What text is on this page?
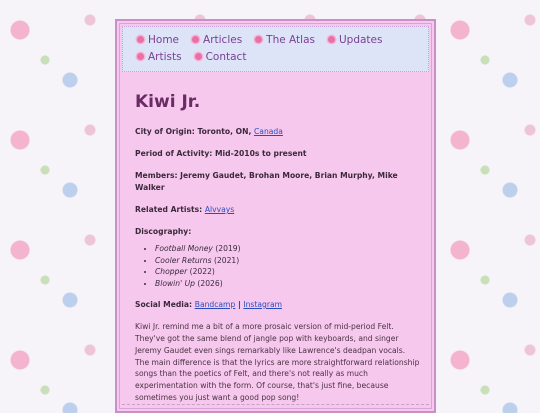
Home Articles The Atlas Updates
Artists Contact
Kiwi Jr.

City of Origin: Toronto, ON, Canada

Period of Activity: Mid-2010s to present

Members: Jeremy Gaudet, Brohan Moore, Brian Murphy, Mike Walker

Related Artists: Alvvays

Discography:

• Football Money (2019)
• Cooler Returns (2021)
• Chopper (2022)
• Blowin' Up (2026)

Social Media: Bandcamp | Instagram

Kiwi Jr. remind me a bit of a more prosaic version of mid-period Felt. They've got the same blend of jangle pop with keyboards, and singer Jeremy Gaudet even sings remarkably like Lawrence's deadpan vocals. The main difference is that the lyrics are more straightforward relationship songs than the poetics of Felt, and there's not really as much experimentation with the form. Of course, that's just fine, because sometimes you just want a good pop song!
